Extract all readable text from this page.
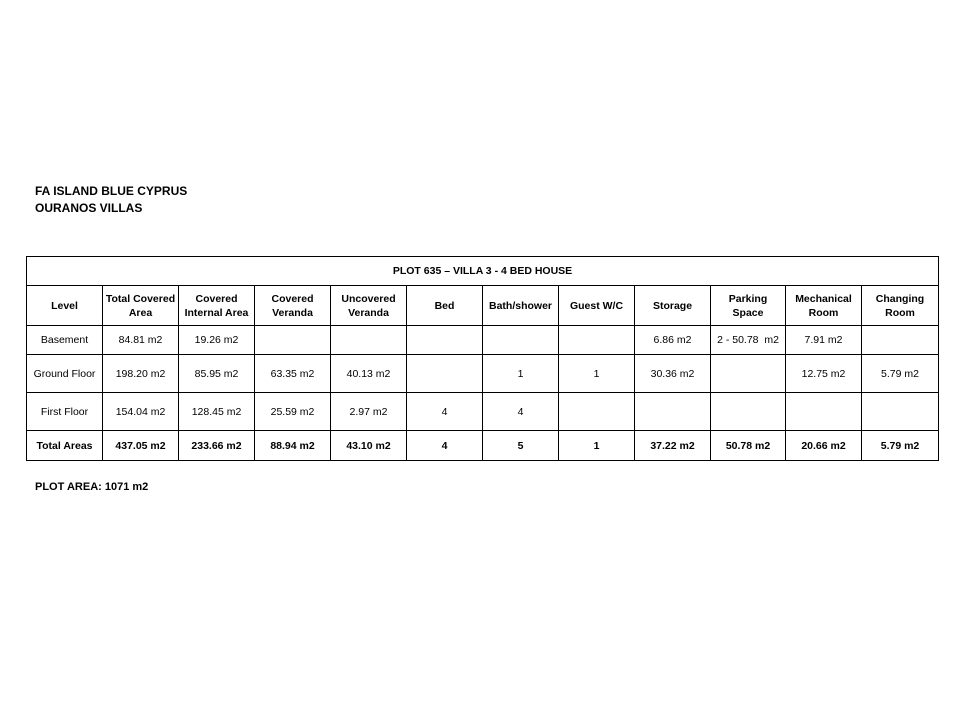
FA ISLAND BLUE CYPRUS
OURANOS VILLAS
PLOT 635 – VILLA 3 - 4 BED HOUSE											
Level	Total Covered Area	Covered Internal Area	Covered Veranda	Uncovered Veranda	Bed	Bath/shower	Guest W/C	Storage	Parking Space	Mechanical Room	Changing Room
Basement	84.81 m2	19.26 m2						6.86 m2	2 - 50.78  m2	7.91 m2	
Ground Floor	198.20 m2	85.95 m2	63.35 m2	40.13 m2		1	1	30.36 m2		12.75 m2	5.79 m2
First Floor	154.04 m2	128.45 m2	25.59 m2	2.97 m2	4	4					
Total Areas	437.05 m2	233.66 m2	88.94 m2	43.10 m2	4	5	1	37.22 m2	50.78 m2	20.66 m2	5.79 m2
PLOT AREA: 1071 m2
